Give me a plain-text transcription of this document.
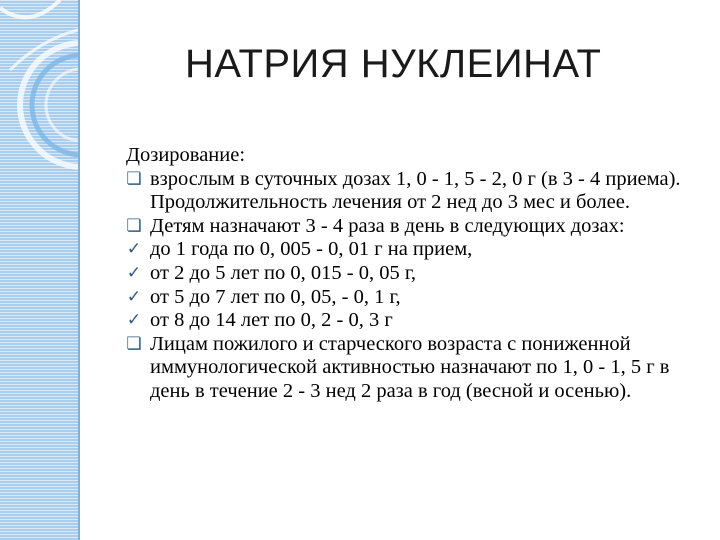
НАТРИЯ НУКЛЕИНАТ
Дозирование:
❏ взрослым в суточных дозах 1, 0 - 1, 5 - 2, 0 г (в 3 - 4 приема). Продолжительность лечения от 2 нед до 3 мес и более.
❏ Детям назначают 3 - 4 раза в день в следующих дозах:
✓ до 1 года по 0, 005 - 0, 01 г на прием,
✓ от 2 до 5 лет по 0, 015 - 0, 05 г,
✓ от 5 до 7 лет по 0, 05, - 0, 1 г,
✓ от 8 до 14 лет по 0, 2 - 0, 3 г
❏ Лицам пожилого и старческого возраста с пониженной иммунологической активностью назначают по 1, 0 - 1, 5 г в день в течение 2 - 3 нед 2 раза в год (весной и осенью).
